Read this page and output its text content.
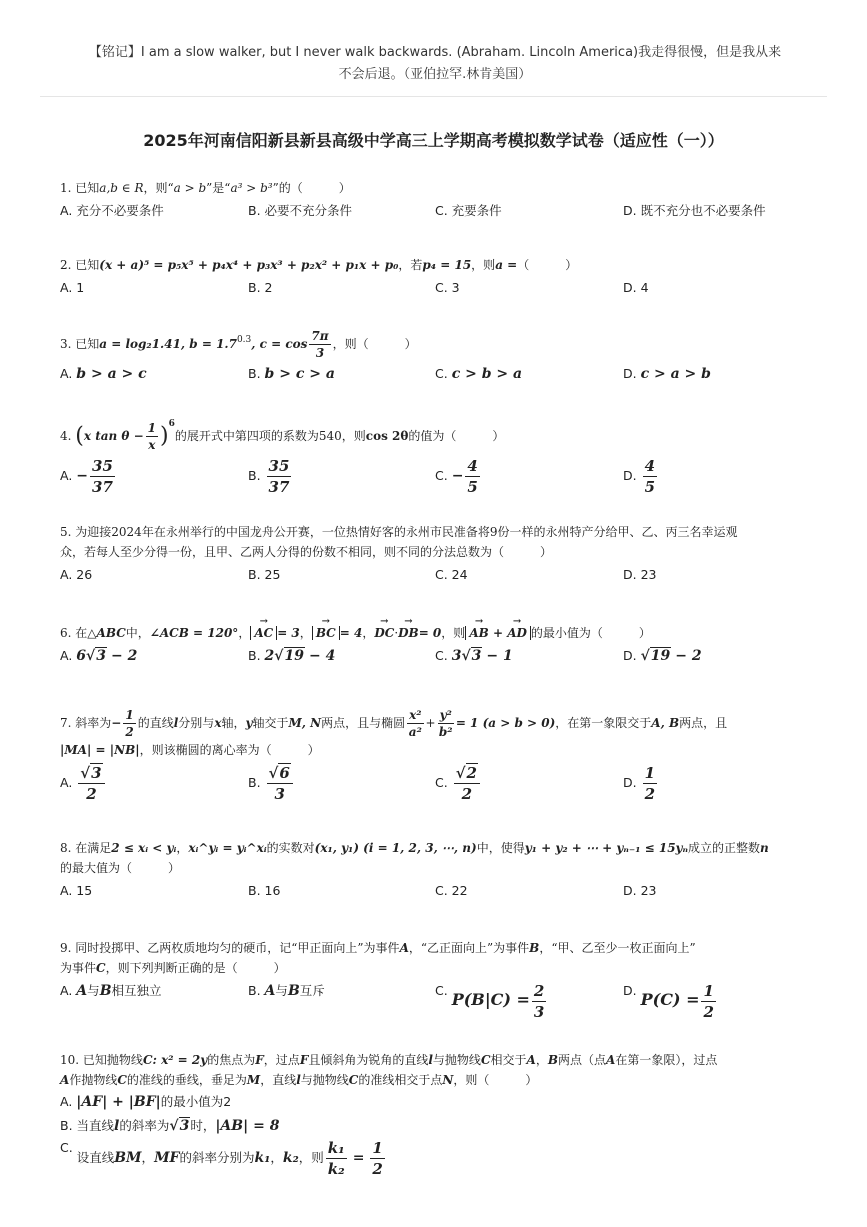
【铭记】I am a slow walker, but I never walk backwards. (Abraham. Lincoln America)我走得很慢，但是我从来
不会后退。（亚伯拉罕.林肯美国）
2025年河南信阳新县新县高级中学高三上学期高考模拟数学试卷（适应性（一））
1. 已知a,b ∈ R，则“a > b”是“a³ > b³”的（　　　）
A. 充分不必要条件	B. 必要不充分条件	C. 充要条件	D. 既不充分也不必要条件
2. 已知(x + a)⁵ = p₅x⁵ + p₄x⁴ + p₃x³ + p₂x² + p₁x + p₀，若p₄ = 15，则a =（　　　）
A. 1	B. 2	C. 3	D. 4
3. 已知a = log₂1.41, $b = 1.7^{0.3}$, $c = \cos \frac{7\pi}{3}$ ，则（　　　）
A. b > a > c	B. b > c > a	C. c > b > a	D. c > a > b
4. (x $\tan \theta - \frac{1}{x} )^6$的展开式中第四项的系数为540，则cos 2θ的值为（　　　）
A. − $\frac{35}{37}$	B. $\frac{35}{37}$	C. − $\frac{4}{5}$	D. $\frac{4}{5}$
5. 为迎接2024年在永州举行的中国龙舟公开赛，一位热情好客的永州市民准备将9份一样的永州特产分给甲、乙、丙三名幸运观
众，若每人至少分得一份，且甲、乙两人分得的份数不相同，则不同的分法总数为（　　　）
A. 26	B. 25	C. 24	D. 23
6. 在△ABC中，∠ACB = 120°， → AC = 3， → BC = 4，→ DC·→ DB= 0，则 → AB + → AD 的最小值为（　　　）
A. 6√3 − 2	B. 2√19 − 4	C. 3√3 − 1	D. √19 − 2
7. 斜率为− $\frac{1}{2}$ 的直线l分别与x轴，y轴交于M, N两点，且与椭圆 $\frac{\text{x²}}{\text{a²}} + \frac{\text{y²}}{\text{b²}} = 1$ (a > b > 0)，在第一象限交于A, B两点，且
|MA| = |NB|，则该椭圆的离心率为（　　　）
A. $\frac{√3}{2}$	B. $\frac{√6}{3}$	C. $\frac{√2}{2}$	D. $\frac{1}{2}$
8. 在满足2 ≤ xᵢ < yᵢ，xᵢ^yᵢ = yᵢ^xᵢ的实数对(x₁, y₁) (i = 1, 2, 3, ⋯, n)中，使得y₁ + y₂ + ⋯ + yₙ₋₁ ≤ 15yₙ成立的正整数n
的最大值为（　　　）
A. 15	B. 16	C. 22	D. 23
9. 同时投掷甲、乙两枚质地均匀的硬币，记“甲正面向上”为事件A，“乙正面向上”为事件B，“甲、乙至少一枚正面向上”
为事件C，则下列判断正确的是（　　　）
A. A与B相互独立	B. A与B互斥	C. $P(B|C) = \frac{2}{3}$	D. $P(C) = \frac{1}{2}$
10. 已知抛物线C: x² = 2y的焦点为F，过点F且倾斜角为锐角的直线l与抛物线C相交于A，B两点（点A在第一象限），过点
A作抛物线C的准线的垂线，垂足为M，直线l与抛物线C的准线相交于点N，则（　　　）
A. |AF| + |BF|的最小值为2
B. 当直线l的斜率为√3时，|AB| = 8
C. 设直线BM，MF的斜率分别为k₁，k₂，则 $\frac{\text{k₁}}{\text{k₂}} = \frac{1}{2}$
